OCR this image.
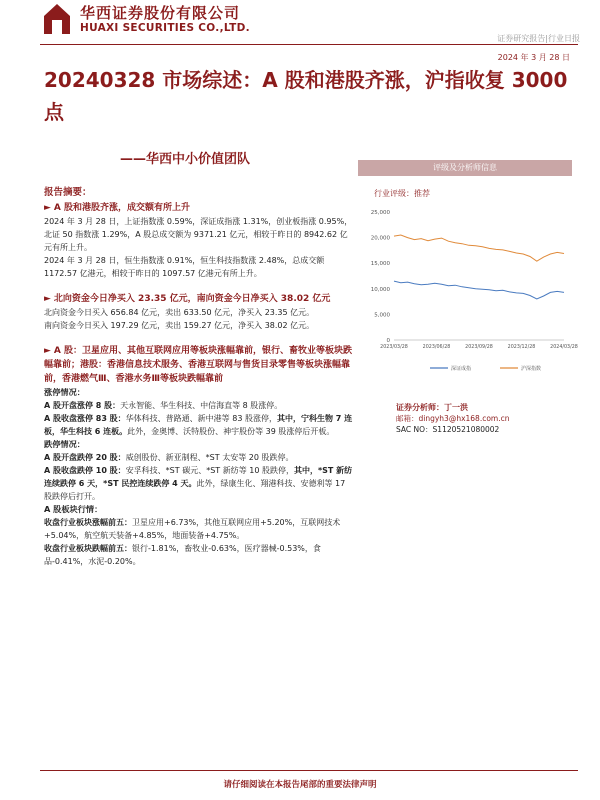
华西证券股份有限公司
HUAXI SECURITIES CO.,LTD.
证券研究报告|行业日报
2024 年 3 月 28 日
20240328 市场综述：A 股和港股齐涨，沪指收复 3000 点
——华西中小价值团队
报告摘要：
► A 股和港股齐涨，成交额有所上升
2024 年 3 月 28 日，上证指数涨 0.59%，深证成指涨 1.31%，创业板指涨 0.95%，北证 50 指数涨 1.29%，A 股总成交额为 9371.21 亿元，相较于昨日的 8942.62 亿元有所上升。
2024 年 3 月 28 日，恒生指数涨 0.91%，恒生科技指数涨 2.48%，总成交额 1172.57 亿港元，相较于昨日的 1097.57 亿港元有所上升。
► 北向资金今日净买入 23.35 亿元，南向资金今日净买入 38.02 亿元
北向资金今日买入 656.84 亿元，卖出 633.50 亿元，净买入 23.35 亿元。
南向资金今日买入 197.29 亿元，卖出 159.27 亿元，净买入 38.02 亿元。
► A 股：卫星应用、其他互联网应用等板块涨幅靠前，银行、畜牧业等板块跌幅靠前；港股：香港信息技术服务、香港互联网与售货目录零售等板块涨幅靠前，香港燃气Ⅲ、香港水务Ⅲ等板块跌幅靠前
涨停情况：
A 股开盘涨停 8 股：天永智能、华生科技、中信海直等 8 股涨停。
A 股收盘涨停 83 股：华体科技、普路通、新中港等 83 股涨停，其中，宁科生物 7 连板，华生科技 6 连板。此外，金奥博、沃特股份、神宇股份等 39 股涨停后开板。
跌停情况：
A 股开盘跌停 20 股：威创股份、新亚制程、*ST 太安等 20 股跌停。
A 股收盘跌停 10 股：安孚科技、*ST 碳元、*ST 新纺等 10 股跌停，其中，*ST 新纺连续跌停 6 天，*ST 民控连续跌停 4 天。此外，绿康生化、翔港科技、安德利等 17 股跌停后打开。
A 股板块行情：
收盘行业板块涨幅前五：卫星应用+6.73%，其他互联网应用+5.20%，互联网技术+5.04%，航空航天装备+4.85%，地面装备+4.75%。
收盘行业板块跌幅前五：银行-1.81%，畜牧业-0.63%，医疗器械-0.53%，食品-0.41%，水泥-0.20%。
评级及分析师信息
行业评级：推荐
25,000
20,000
15,000
10,000
5,000
0
2023/03/28	2023/06/28	2023/09/28	2023/12/28	2024/03/28
深证成指	沪深指数
证券分析师：丁一洪
邮箱：dingyh3@hx168.com.cn
SAC NO：S1120521080002
请仔细阅读在本报告尾部的重要法律声明
